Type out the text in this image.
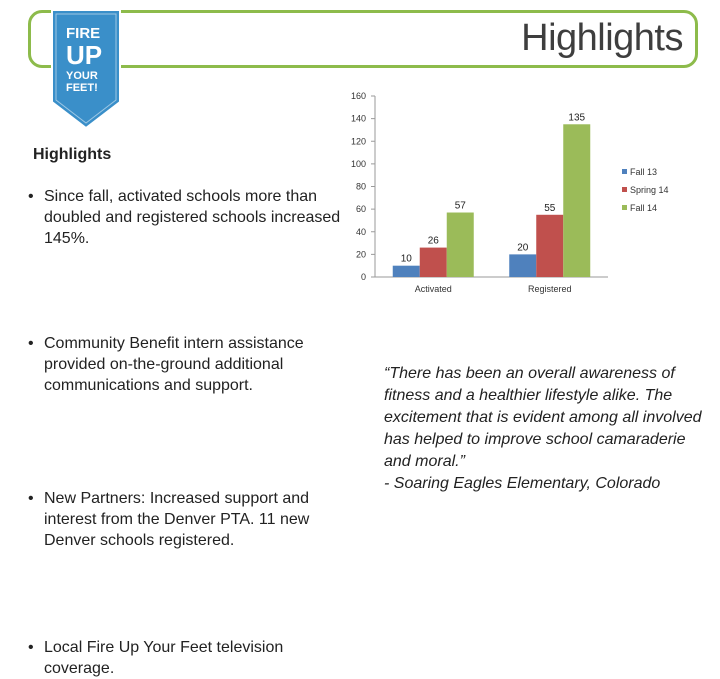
Highlights
FIRE
UP
YOUR
FEET!
Highlights
• Since fall, activated schools more than doubled and registered schools increased 145%.
• Community Benefit intern assistance provided on-the-ground additional communications and support.
• New Partners: Increased support and interest from the Denver PTA. 11 new Denver schools registered.
• Local Fire Up Your Feet television coverage.
0
20
40
60
80
100
120
140
160
10
26
57
Activated
20
55
135
Registered
Fall 13
Spring 14
Fall 14
“There has been an overall awareness of fitness and a healthier lifestyle alike. The excitement that is evident among all involved has helped to improve school camaraderie and moral.”
- Soaring Eagles Elementary, Colorado
